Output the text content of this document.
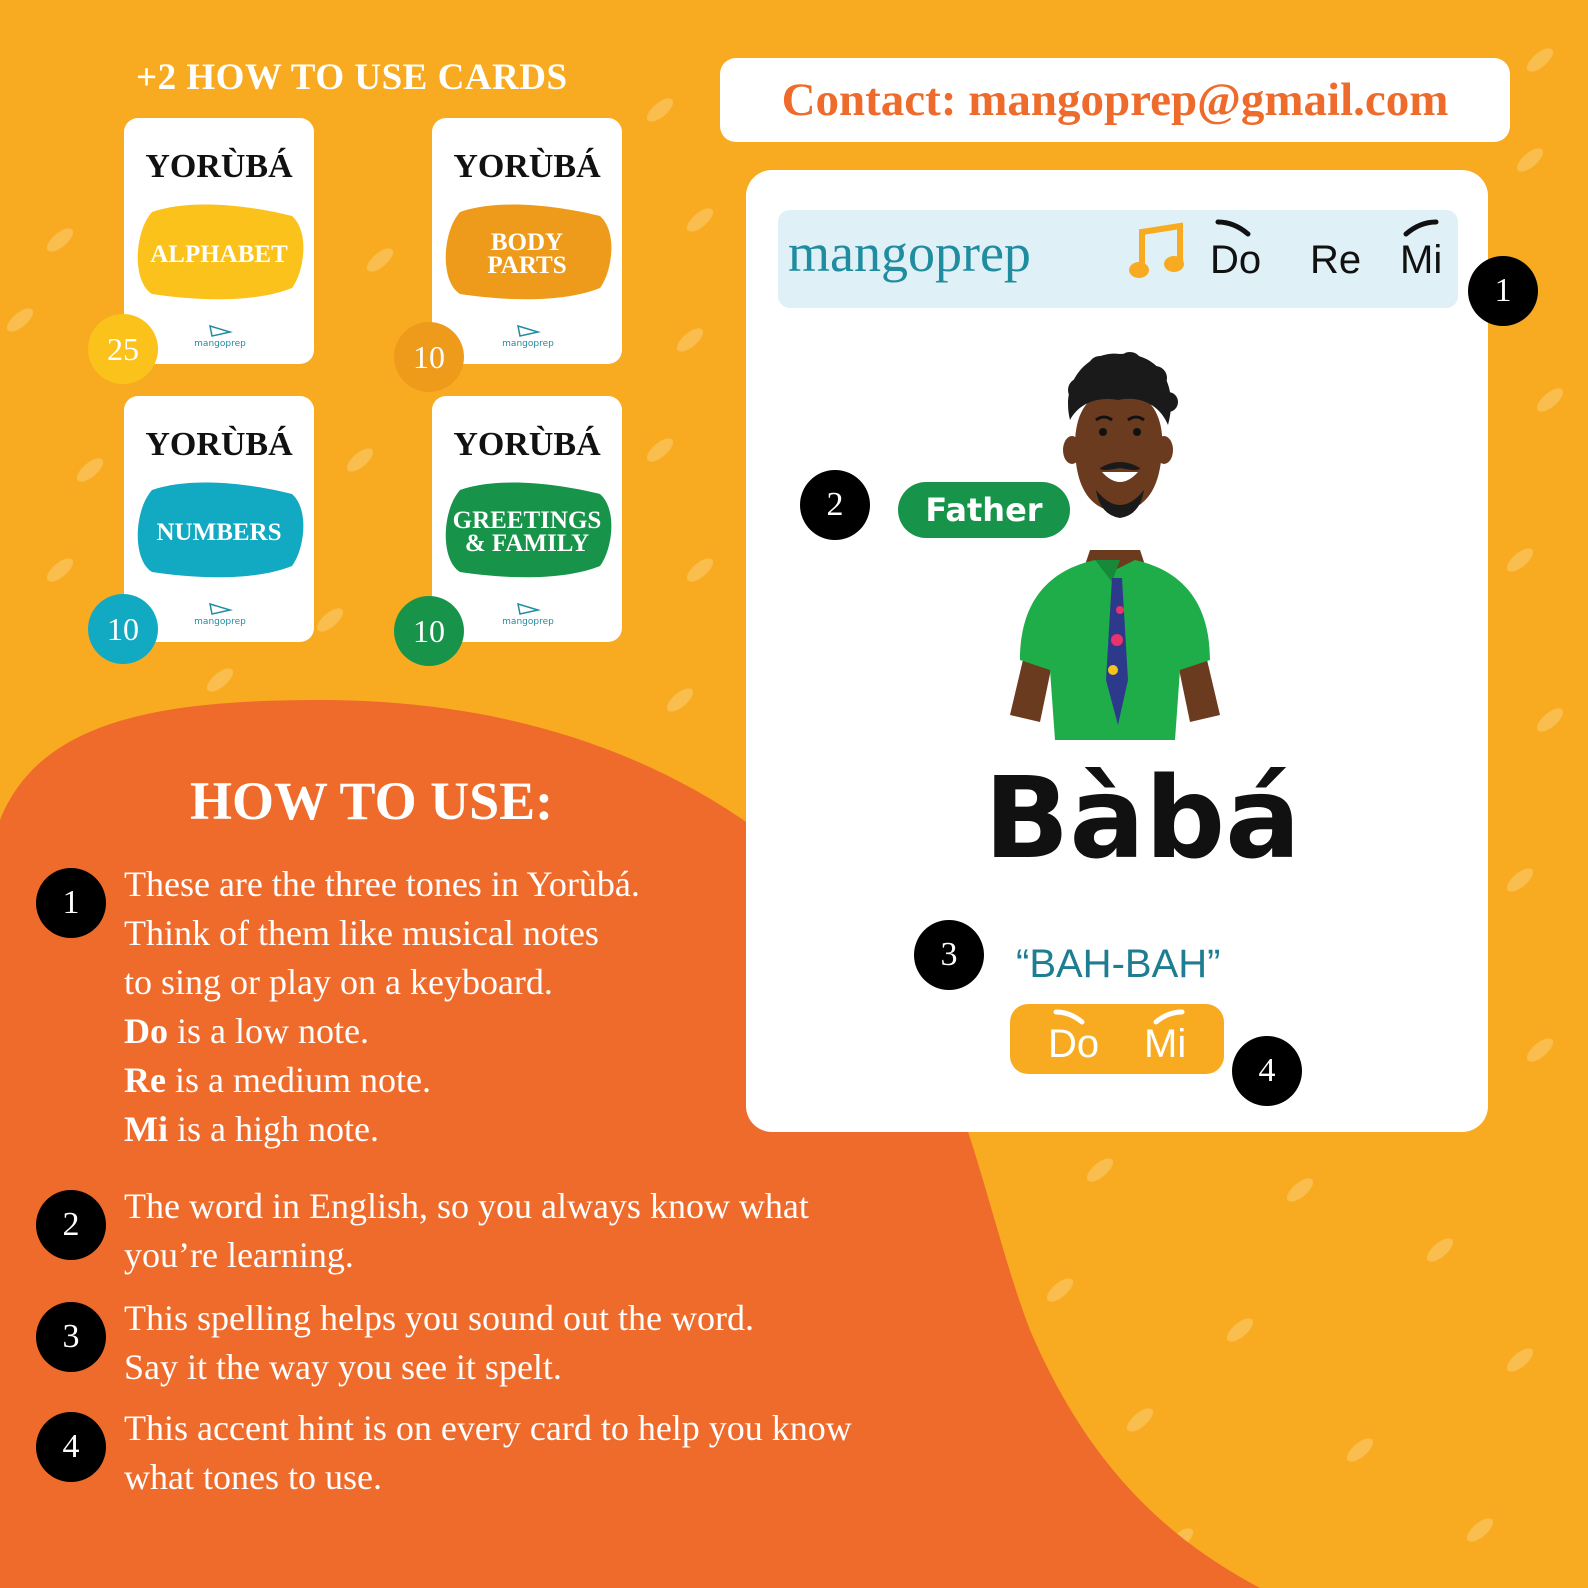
+2 HOW TO USE CARDS
YORÙBÁ
ALPHABET
mangoprep
25
YORÙBÁ
BODY
PARTS
mangoprep
10
YORÙBÁ
NUMBERS
mangoprep
10
YORÙBÁ
GREETINGS
& FAMILY
mangoprep
10
Contact: mangoprep@gmail.com
mangoprep	Do Re Mi
1
2	Father
Bàbá
3	“BAH-BAH”
Do Mi
4
HOW TO USE:
1	These are the three tones in Yorùbá.
Think of them like musical notes
to sing or play on a keyboard.
Do is a low note.
Re is a medium note.
Mi is a high note.
2	The word in English, so you always know what
you’re learning.
3	This spelling helps you sound out the word.
Say it the way you see it spelt.
4	This accent hint is on every card to help you know
what tones to use.
